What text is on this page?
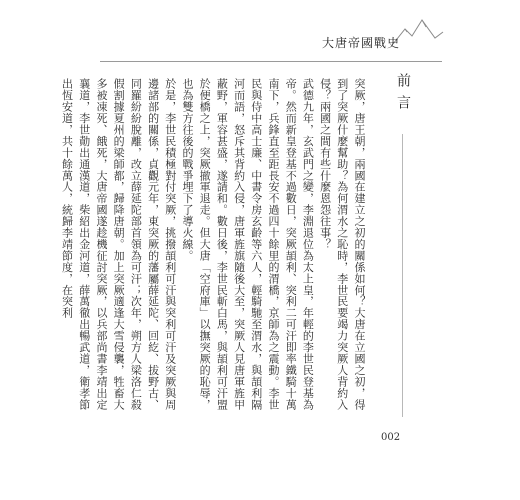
大唐帝國戰史
前言

突厥，唐王朝，兩國在建立之初的關係如何？大唐在立國之初，得到了突厥什麼幫助？為何渭水之恥時，李世民要竭力突厥人背約入侵？兩國之間有些什麼恩怨往事？

武德九年，玄武門之變，李淵退位為太上皇，年輕的李世民登基為帝。然而新皇登基不過數日，突厥頡利、突利二可汗即率鐵騎十萬南下，兵鋒直至距長安不過四十餘里的渭橋，京師為之震動。李世民與侍中高士廉、中書令房玄齡等六人，輕騎馳至渭水，與頡利隔河而語，怒斥其背約入侵，唐軍旌旗隨後大至，突厥人見唐軍旌甲蔽野，軍容甚盛，遂請和。數日後，李世民斬白馬，與頡利可汗盟於便橋之上，突厥撤軍退走。但大唐「空府庫」以撫突厥的恥辱，也為雙方往後的戰爭埋下了導火線。

於是，李世民積極對付突厥，挑撥頡利可汗與突利可汗及突厥與周邊諸部的關係，貞觀元年，東突厥的藩屬薛延陀、回紇、拔野古、同羅紛紛脫離，改立薛延陀部首領為可汗；次年，朔方人梁洛仁殺假割據夏州的梁師都，歸降唐朝。加上突厥適逢大雪侵襲，牲畜大多被凍死、餓死，大唐帝國遂趁機征討突厥，以兵部尚書李靖出定襄道，李世勣出通漢道，柴紹出金河道，薛萬徹出暢武道，衛孝節出恆安道，共十餘萬人，統歸李靖節度，在突利

002
